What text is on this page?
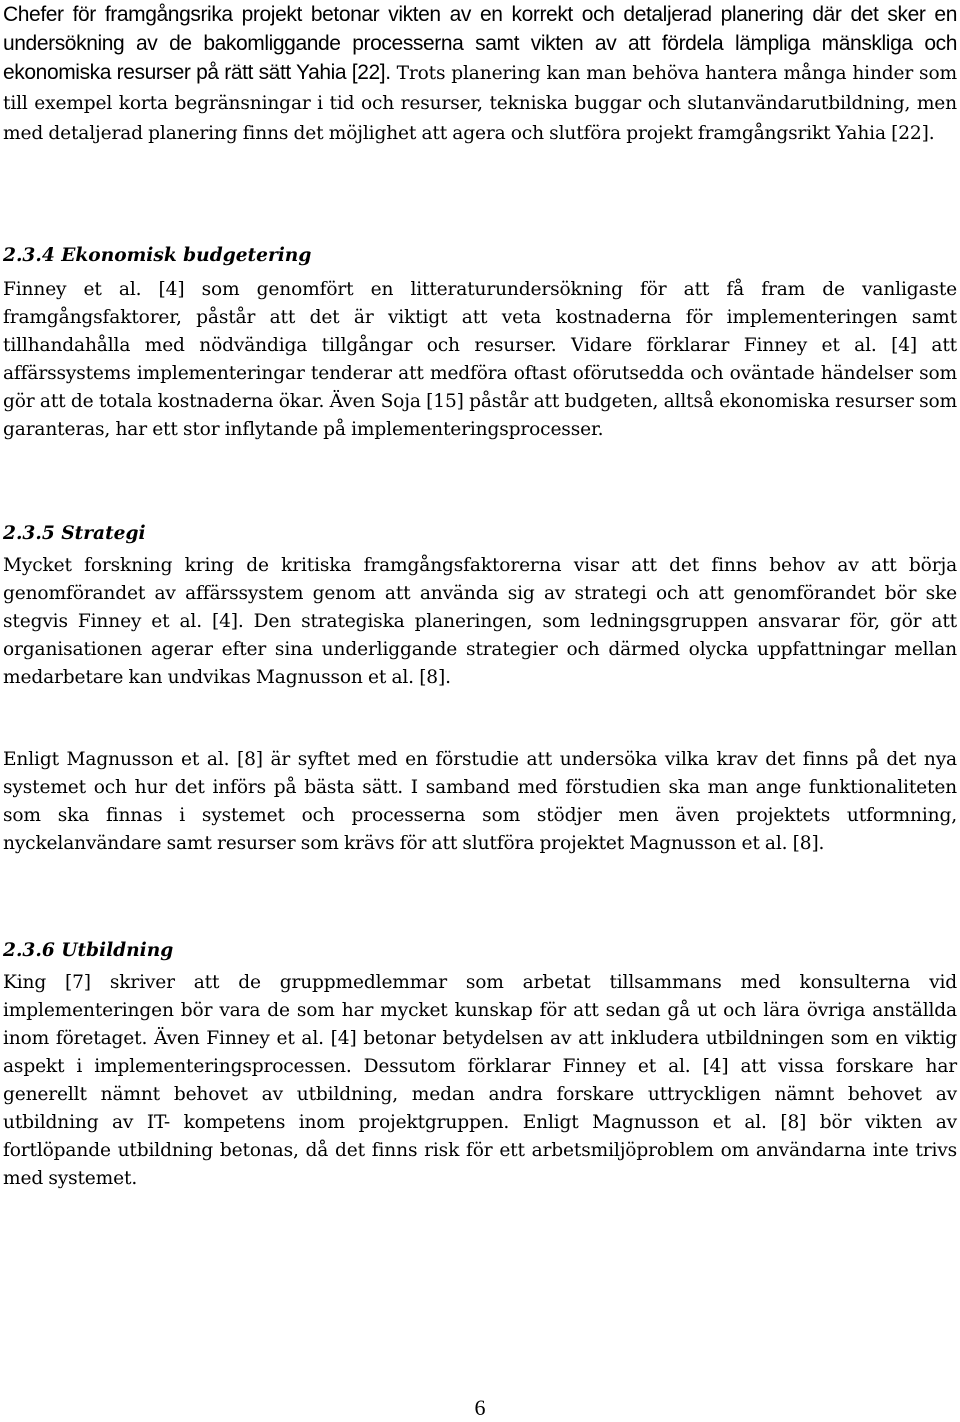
Chefer för framgångsrika projekt betonar vikten av en korrekt och detaljerad planering där det sker en undersökning av de bakomliggande processerna samt vikten av att fördela lämpliga mänskliga och ekonomiska resurser på rätt sätt Yahia [22]. Trots planering kan man behöva hantera många hinder som till exempel korta begränsningar i tid och resurser, tekniska buggar och slutanvändarutbildning, men med detaljerad planering finns det möjlighet att agera och slutföra projekt framgångsrikt Yahia [22].

2.3.4 Ekonomisk budgetering

Finney et al. [4] som genomfört en litteraturundersökning för att få fram de vanligaste framgångsfaktorer, påstår att det är viktigt att veta kostnaderna för implementeringen samt tillhandahålla med nödvändiga tillgångar och resurser. Vidare förklarar Finney et al. [4] att affärssystems implementeringar tenderar att medföra oftast oförutsedda och oväntade händelser som gör att de totala kostnaderna ökar. Även Soja [15] påstår att budgeten, alltså ekonomiska resurser som garanteras, har ett stor inflytande på implementeringsprocesser.

2.3.5 Strategi

Mycket forskning kring de kritiska framgångsfaktorerna visar att det finns behov av att börja genomförandet av affärssystem genom att använda sig av strategi och att genomförandet bör ske stegvis Finney et al. [4]. Den strategiska planeringen, som ledningsgruppen ansvarar för, gör att organisationen agerar efter sina underliggande strategier och därmed olycka uppfattningar mellan medarbetare kan undvikas Magnusson et al. [8].

Enligt Magnusson et al. [8] är syftet med en förstudie att undersöka vilka krav det finns på det nya systemet och hur det införs på bästa sätt. I samband med förstudien ska man ange funktionaliteten som ska finnas i systemet och processerna som stödjer men även projektets utformning, nyckelanvändare samt resurser som krävs för att slutföra projektet Magnusson et al. [8].

2.3.6 Utbildning

King [7] skriver att de gruppmedlemmar som arbetat tillsammans med konsulterna vid implementeringen bör vara de som har mycket kunskap för att sedan gå ut och lära övriga anställda inom företaget. Även Finney et al. [4] betonar betydelsen av att inkludera utbildningen som en viktig aspekt i implementeringsprocessen. Dessutom förklarar Finney et al. [4] att vissa forskare har generellt nämnt behovet av utbildning, medan andra forskare uttryckligen nämnt behovet av utbildning av IT- kompetens inom projektgruppen. Enligt Magnusson et al. [8] bör vikten av fortlöpande utbildning betonas, då det finns risk för ett arbetsmiljöproblem om användarna inte trivs med systemet.

6
